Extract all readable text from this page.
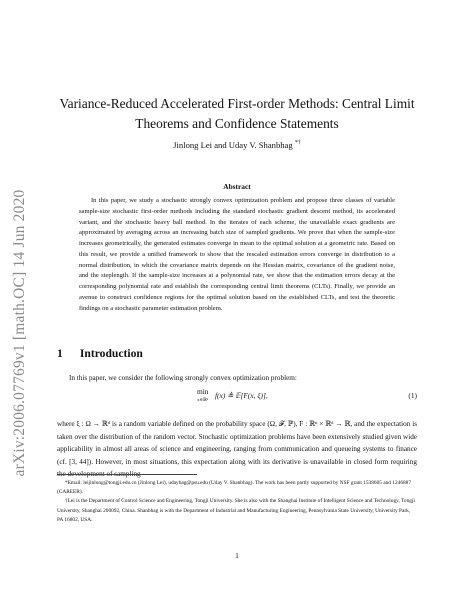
arXiv:2006.07769v1 [math.OC] 14 Jun 2020
Variance-Reduced Accelerated First-order Methods: Central Limit
Theorems and Confidence Statements
Jinlong Lei and Uday V. Shanbhag *†
Abstract
In this paper, we study a stochastic strongly convex optimization problem and propose three classes of variable sample-size stochastic first-order methods including the standard stochastic gradient descent method, its accelerated variant, and the stochastic heavy ball method. In the iterates of each scheme, the unavailable exact gradients are approximated by averaging across an increasing batch size of sampled gradients. We prove that when the sample-size increases geometrically, the generated estimates converge in mean to the optimal solution at a geometric rate. Based on this result, we provide a unified framework to show that the rescaled estimation errors converge in distribution to a normal distribution, in which the covariance matrix depends on the Hessian matrix, covariance of the gradient noise, and the steplength. If the sample-size increases at a polynomial rate, we show that the estimation errors decay at the corresponding polynomial rate and establish the corresponding central limit theorems (CLTs). Finally, we provide an avenue to construct confidence regions for the optimal solution based on the established CLTs, and test the theoretic findings on a stochastic parameter estimation problem.
1 Introduction
In this paper, we consider the following strongly convex optimization problem:
min
x∈ℝⁿ f(x) ≜ 𝔼[F(x, ξ)],	(1)
where ξ : Ω → ℝᵈ is a random variable defined on the probability space (Ω, 𝓕, ℙ), F : ℝⁿ × ℝᵈ → ℝ, and the expectation is taken over the distribution of the random vector. Stochastic optimization problems have been extensively studied given wide applicability in almost all areas of science and engineering, ranging from communication and queueing systems to finance (cf. [3, 44]). However, in most situations, this expectation along with its derivative is unavailable in closed form requiring the development of sampling

*Email: leijinlong@tongji.edu.cn (Jinlong Lei), udaybag@psu.edu (Uday V. Shanbhag). The work has been partly supported by NSF grant 1538605 and 1246887 (CAREER).

†Lei is the Department of Control Science and Engineering, Tongji University. She is also with the Shanghai Institute of Intelligent Science and Technology, Tongji University, Shanghai 200092, China. Shanbhag is with the Department of Industrial and Manufacturing Engineering, Pennsylvania State University, University Park, PA 16802, USA.

1
